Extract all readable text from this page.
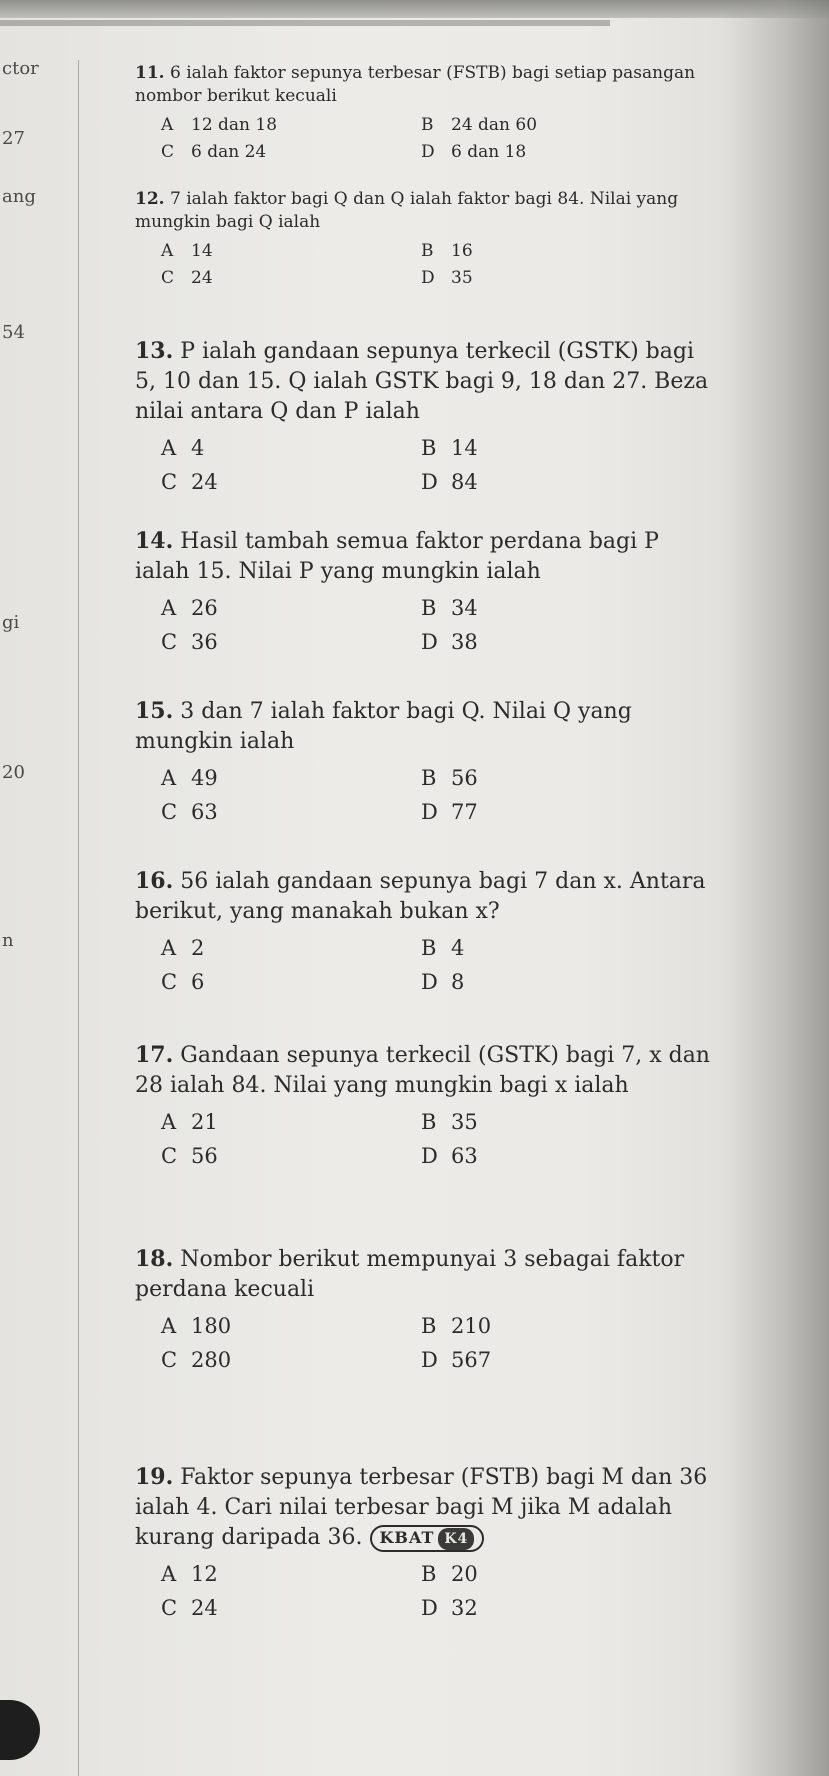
ctor
27
ang
54
gi
20
n

11. 6 ialah faktor sepunya terbesar (FSTB) bagi setiap pasangan nombor berikut kecuali

A 12 dan 18	B 24 dan 60
C 6 dan 24	D 6 dan 18

12. 7 ialah faktor bagi Q dan Q ialah faktor bagi 84. Nilai yang mungkin bagi Q ialah

A 14	B 16
C 24	D 35

13. P ialah gandaan sepunya terkecil (GSTK) bagi 5, 10 dan 15. Q ialah GSTK bagi 9, 18 dan 27. Beza nilai antara Q dan P ialah

A 4	B 14
C 24	D 84

14. Hasil tambah semua faktor perdana bagi P ialah 15. Nilai P yang mungkin ialah

A 26	B 34
C 36	D 38

15. 3 dan 7 ialah faktor bagi Q. Nilai Q yang mungkin ialah

A 49	B 56
C 63	D 77

16. 56 ialah gandaan sepunya bagi 7 dan x. Antara berikut, yang manakah bukan x?

A 2	B 4
C 6	D 8

17. Gandaan sepunya terkecil (GSTK) bagi 7, x dan 28 ialah 84. Nilai yang mungkin bagi x ialah

A 21	B 35
C 56	D 63

18. Nombor berikut mempunyai 3 sebagai faktor perdana kecuali

A 180	B 210
C 280	D 567

19. Faktor sepunya terbesar (FSTB) bagi M dan 36 ialah 4. Cari nilai terbesar bagi M jika M adalah kurang daripada 36. KBAT K4

A 12	B 20
C 24	D 32
